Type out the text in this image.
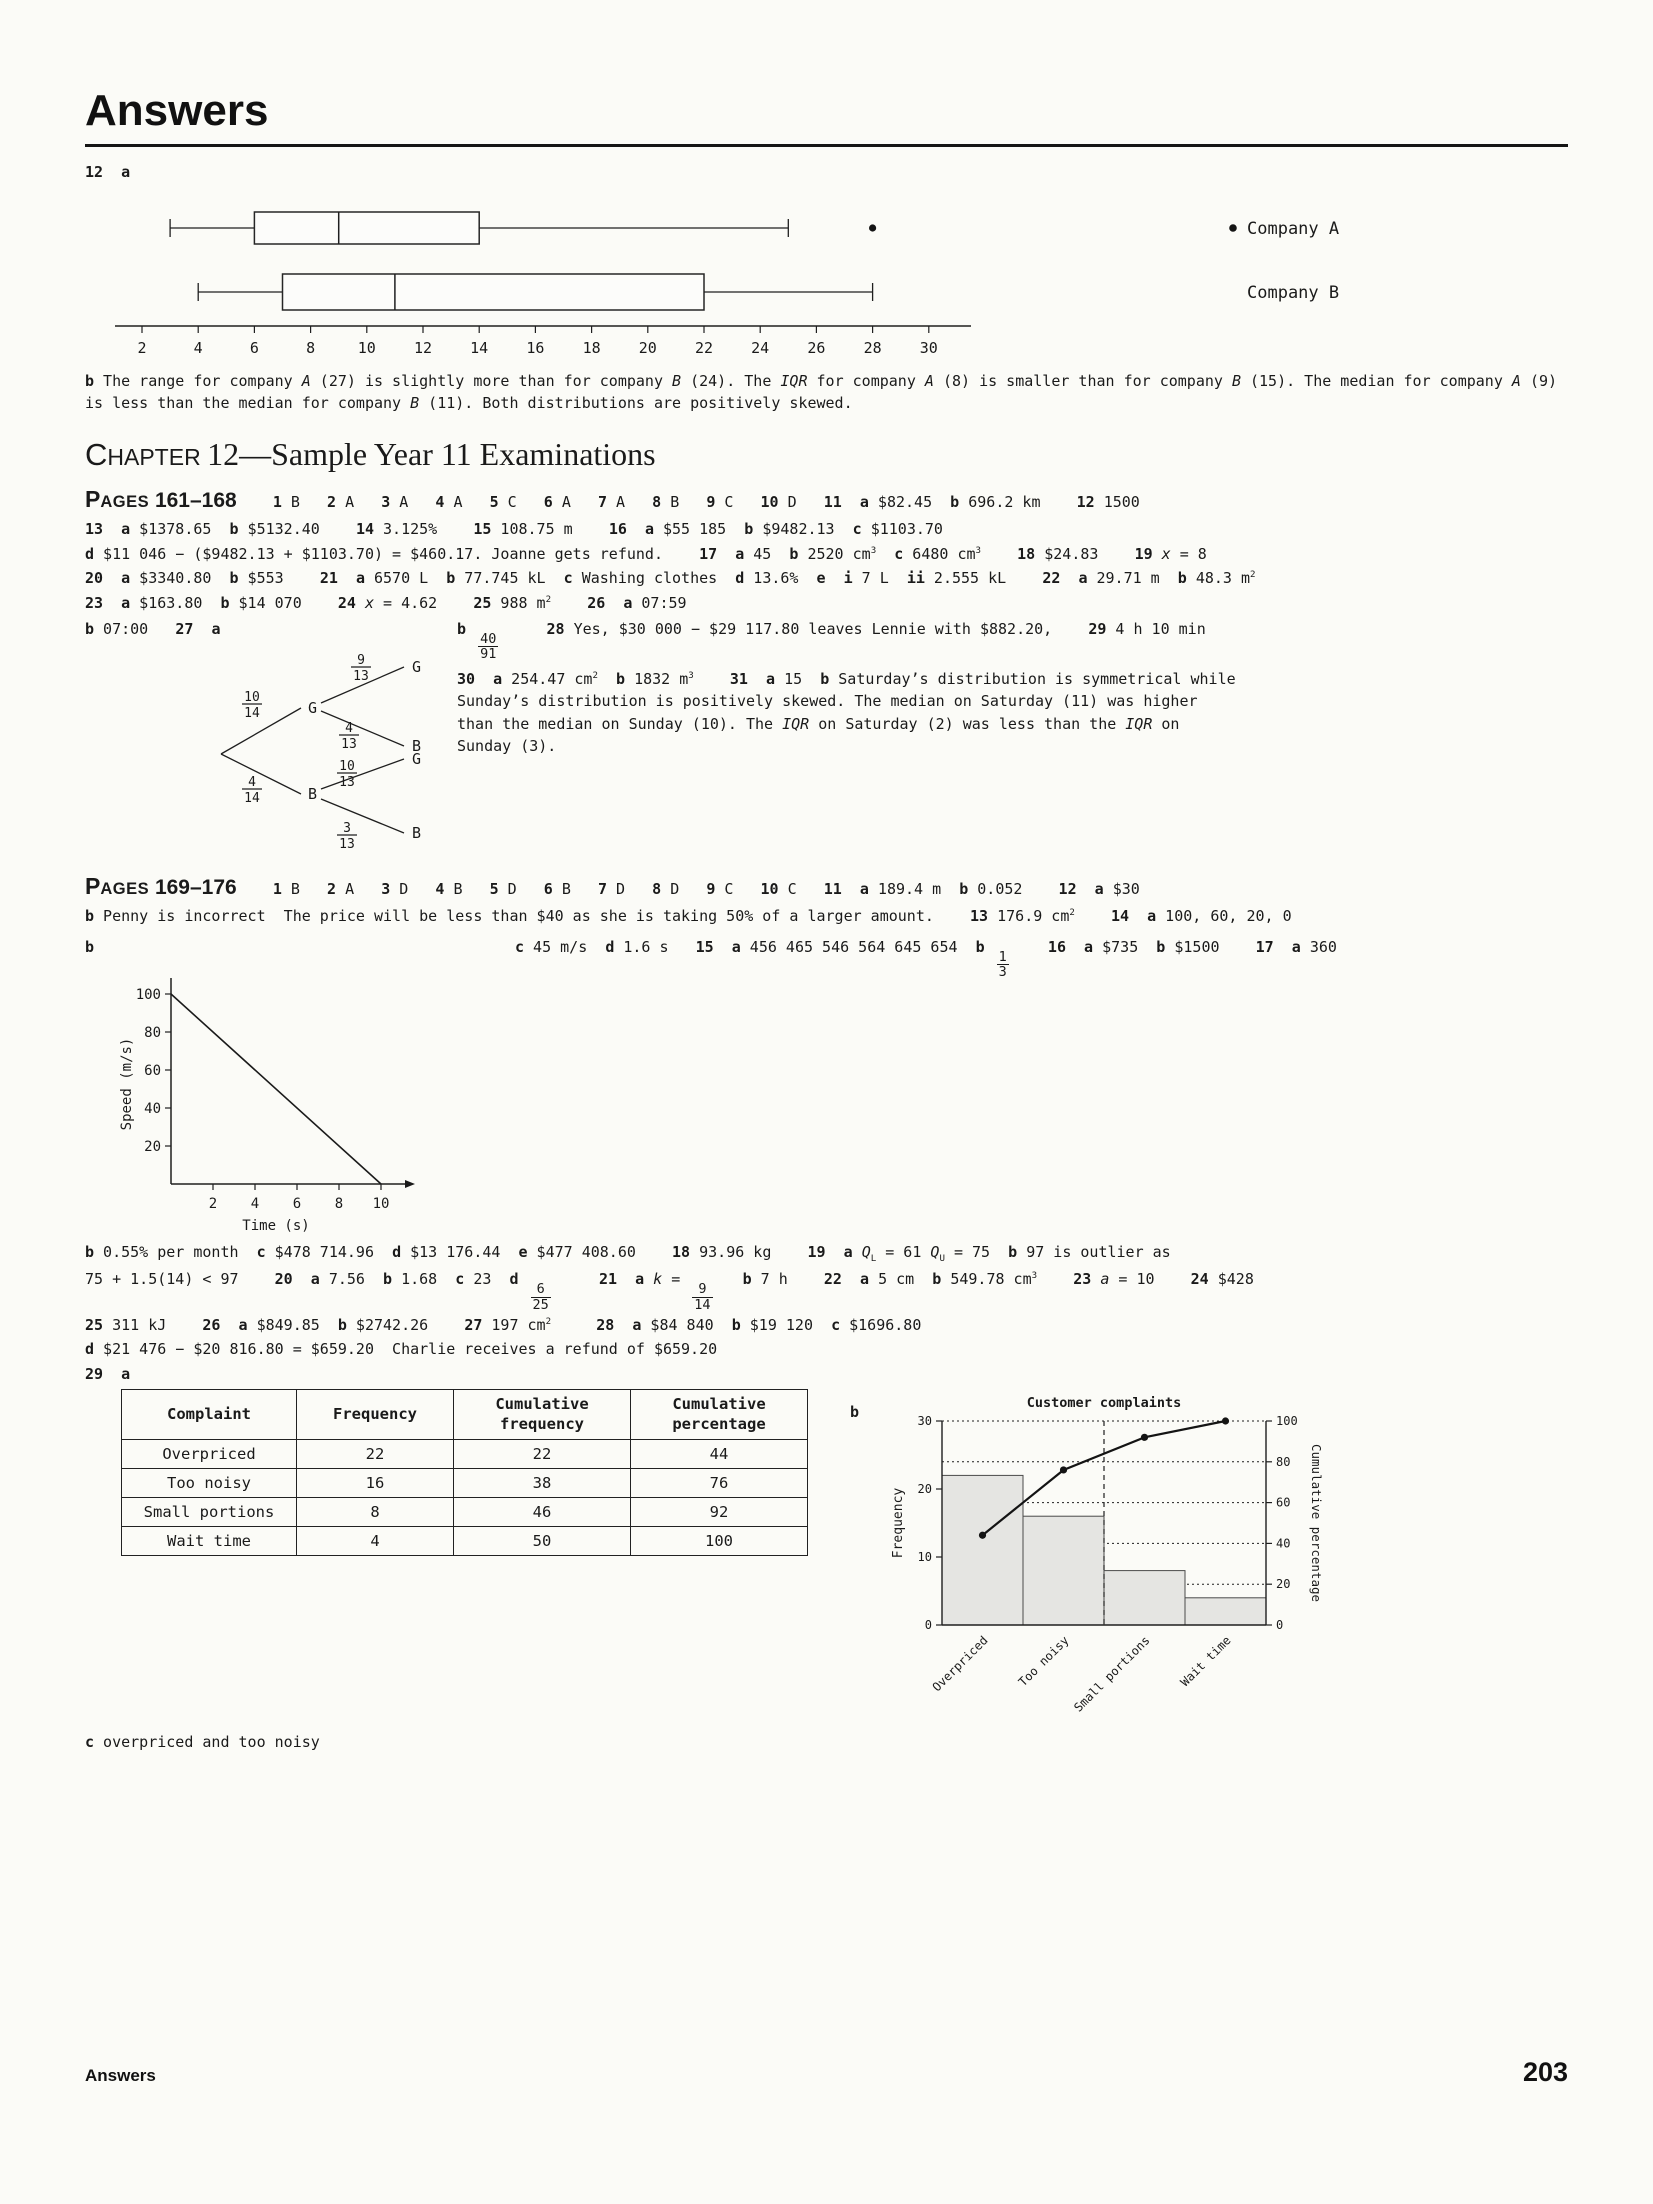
Answers
12 a
2	4	6	8	10	12	14	16	18	20	22	24	26	28	30
Company A
Company B
b The range for company A (27) is slightly more than for company B (24). The IQR for company A (8) is smaller than for company B (15). The median for company A (9) is less than the median for company B (11). Both distributions are positively skewed.
CHAPTER 12—Sample Year 11 Examinations
PAGES 161–168 1 B   2 A   3 A   4 A   5 C   6 A   7 A   8 B   9 C   10 D   11 a $82.45  b 696.2 km    12 1500
13 a $1378.65  b $5132.40    14 3.125%    15 108.75 m    16 a $55 185  b $9482.13  c $1103.70
d $11 046 − ($9482.13 + $1103.70) = $460.17. Joanne gets refund.    17 a 45  b 2520 $cm^3$ c 6480 $cm^3$ 18 $24.83    19 x = 8
20 a $3340.80  b $553    21 a 6570 L  b 77.745 kL  c Washing clothes  d 13.6%  e i 7 L  ii 2.555 kL    22 a 29.71 m  b 48.3 $m^2$
23 a $163.80  b $14 070    24 x = 4.62    25 988 $m^2$ 26 a 07:59
b 07:00   27 a
10
14	G
9
13
G
4
13	B
4
14	B
10
13
G
3
13
B
b
$\frac{40}{91}$
28 Yes, $30 000 − $29 117.80 leaves Lennie with $882.20,    29 4 h 10 min
30 a 254.47 $cm^2$ b 1832 $m^3$ 31 a 15  b Saturday’s distribution is symmetrical while Sunday’s distribution is positively skewed. The median on Saturday (11) was higher than the median on Sunday (10). The IQR on Saturday (2) was less than the IQR on Sunday (3).
PAGES 169–176 1 B   2 A   3 D   4 B   5 D   6 B   7 D   8 D   9 C   10 C   11 a 189.4 m  b 0.052    12 a $30
b Penny is incorrect  The price will be less than $40 as she is taking 50% of a larger amount.    13 176.9 $cm^2$ 14 a 100, 60, 20, 0
b
20
40
60
80
100
2 4 6 8 10
Time (s)
Speed (m/s)
c 45 m/s  d 1.6 s   15 a 456 465 546 564 645 654  b
$\frac{1}{3}$
16 a $735  b $1500    17 a 360
b 0.55% per month  c $478 714.96  d $13 176.44  e $477 408.60    18 93.96 kg    19 a $Q_L = 61$ $Q_U = 75$  b 97 is outlier as
75 + 1.5(14) < 97    20 a 7.56  b 1.68  c 23  d
$\frac{6}{25}$
21 a k =
$\frac{9}{14}$
b 7 h    22 a 5 cm  b 549.78 $cm^3$ 23 a = 10    24 $428
25 311 kJ    26 a $849.85  b $2742.26    27 197 $cm^2$	28 a $84 840  b $19 120  c $1696.80
d $21 476 − $20 816.80 = $659.20  Charlie receives a refund of $659.20
29 a
Complaint	Frequency	Cumulative frequency	Cumulative percentage
Overpriced	22	22	44
Too noisy	16	38	76
Small portions	8	46	92
Wait time	4	50	100
b	Customer complaints
0
10
20
30
0
20
40
60
80
100
Overpriced Too noisy Small portions Wait time
Frequency	Cumulative percentage
c overpriced and too noisy
Answers	203
